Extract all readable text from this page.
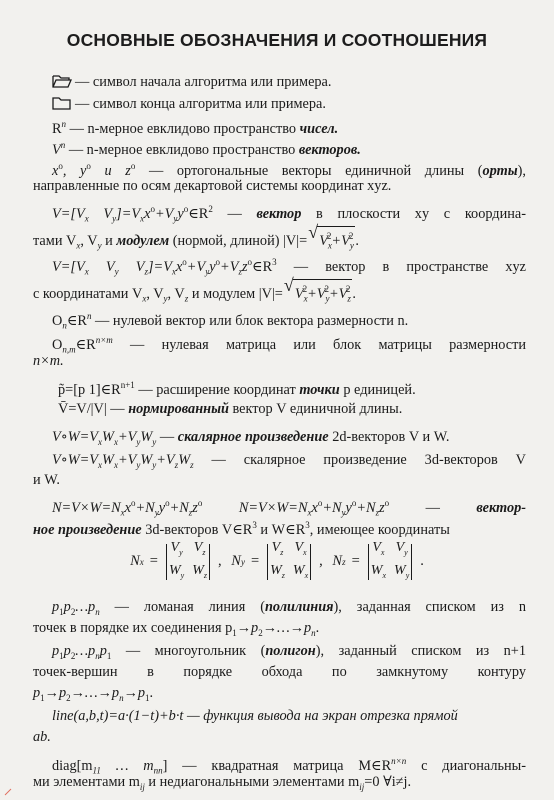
ОСНОВНЫЕ ОБОЗНАЧЕНИЯ И СООТНОШЕНИЯ
— символ начала алгоритма или примера.
— символ конца алгоритма или примера.
$R^n$ — n-мерное евклидово пространство чисел.
$V^n$ — n-мерное евклидово пространство векторов.
$x^o$, $y^o$ и $z^o$ — ортогональные векторы единичной длины (орты),
направленные по осям декартовой системы координат xyz.
$V=[V_x$ $V_y]=V_xx^o+V_yy^o\in R^2$ — вектор в плоскости xy с координа-
тами $V_x$, $V_y$ и модулем (нормой, длиной) |V|= √ $V_x^2+V_y^2$ .
$V=[V_x$ $V_y$ $V_z]=V_xx^o+V_yy^o+V_zz^o\in R^3$ — вектор в пространстве xyz
с координатами $V_x$, $V_y$, $V_z$ и модулем |V|= √ $V_x^2+V_y^2+V_z^2$ .
$O_n\in R^n$ — нулевой вектор или блок вектора размерности n.
$O_{n,m}\in R^{n\times m}$ — нулевая матрица или блок матрицы размерности
n×m.
p̃=[p $1]\in R^{n+1}$ — расширение координат точки p единицей.
V̄=V/|V| — нормированный вектор V единичной длины.
$V\circ W=V_xW_x+V_yW_y$ — скалярное произведение 2d-векторов V и W.
$V\circ W=V_xW_x+V_yW_y+V_zW_z$ — скалярное произведение 3d-векторов V
и W.
$N=V\times W=N_xx^o+N_yy^o+N_zz^o$ $N=V\times W=N_xx^o+N_yy^o+N_zz^o$ — вектор-
ное произведение 3d-векторов $V\in R^3$ и $W\in R^3$, имеющее координаты
N x =
$V_y$ $V_z$
$W_y$ $W_z$
, N y =
$V_z$ $V_x$
$W_z$ $W_x$
, N z =
$V_x$ $V_y$
$W_x$ $W_y$
.
$p_1p_2\dots p_n$ — ломаная линия (полилиния), заданная списком из n
точек в порядке их соединения $p_1\to p_2\to\dots\to p_n$.
$p_1p_2\dots p_np_1$ — многоугольник (полигон), заданный списком из n+1
точек-вершин в порядке обхода по замкнутому контуру
$p_1\to p_2\to\dots\to p_n\to p_1$.
line(a,b,t)=a·(1−t)+b·t — функция вывода на экран отрезка прямой
ab.
$diag[m_{11}$ … $m_{nn}$] — квадратная матрица $M\in R^{n\times n}$ с диагональны-
ми элементами $m_{ij}$ и недиагональными элементами $m_{ij}=0$ ∀i≠j.
